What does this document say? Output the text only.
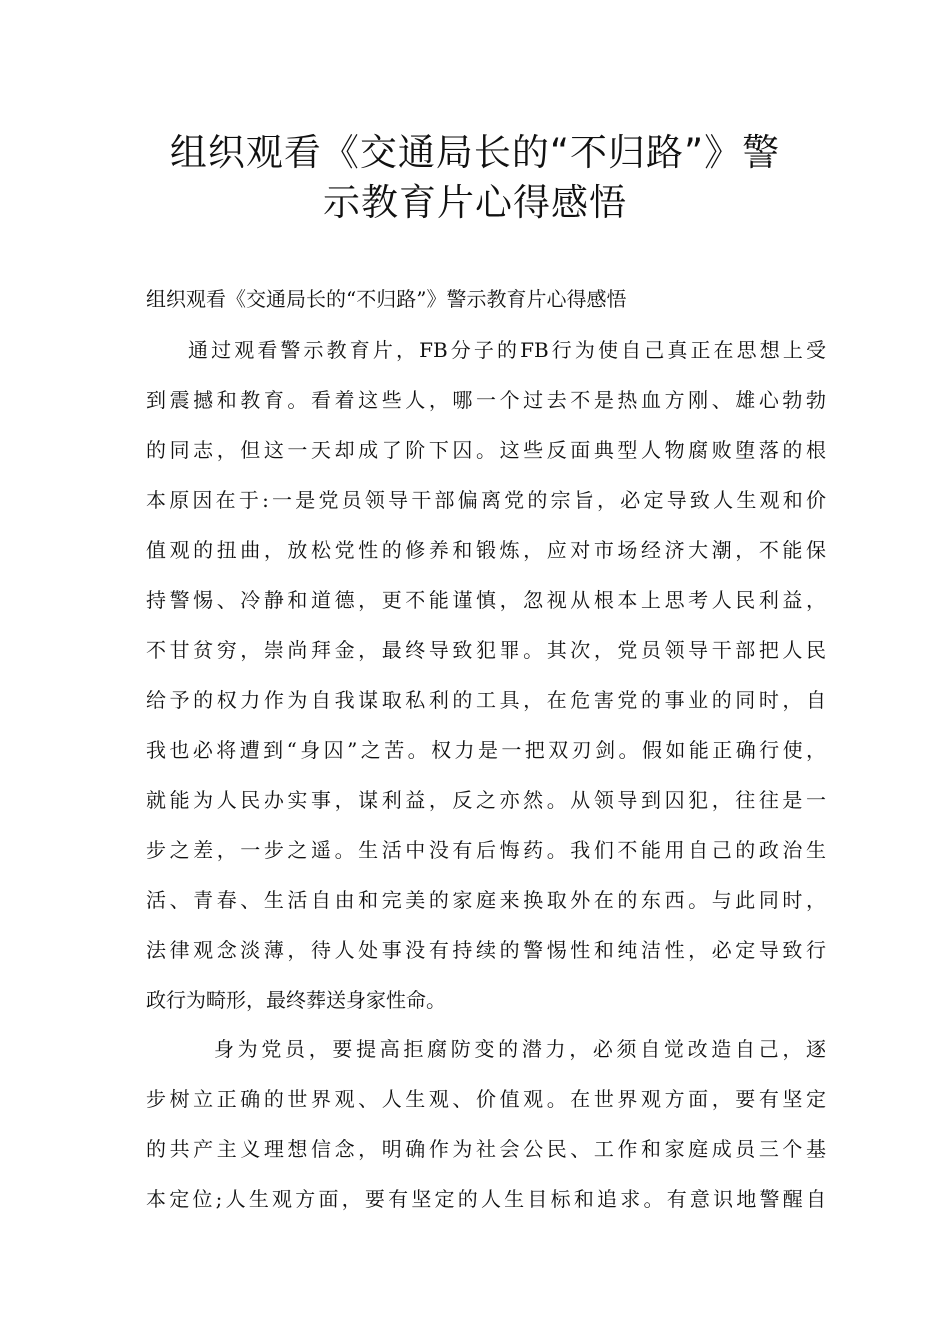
组织观看《交通局长的“不归路”》警
示教育片心得感悟

组织观看《交通局长的“不归路”》警示教育片心得感悟

通过观看警示教育片，FB分子的FB行为使自己真正在思想上受
到震撼和教育。看着这些人，哪一个过去不是热血方刚、雄心勃勃
的同志，但这一天却成了阶下囚。这些反面典型人物腐败堕落的根
本原因在于:一是党员领导干部偏离党的宗旨，必定导致人生观和价
值观的扭曲，放松党性的修养和锻炼，应对市场经济大潮，不能保
持警惕、冷静和道德，更不能谨慎，忽视从根本上思考人民利益，
不甘贫穷，崇尚拜金，最终导致犯罪。其次，党员领导干部把人民
给予的权力作为自我谋取私利的工具，在危害党的事业的同时，自
我也必将遭到“身囚”之苦。权力是一把双刃剑。假如能正确行使，
就能为人民办实事，谋利益，反之亦然。从领导到囚犯，往往是一
步之差，一步之遥。生活中没有后悔药。我们不能用自己的政治生
活、青春、生活自由和完美的家庭来换取外在的东西。与此同时，
法律观念淡薄，待人处事没有持续的警惕性和纯洁性，必定导致行
政行为畸形，最终葬送身家性命。
身为党员，要提高拒腐防变的潜力，必须自觉改造自己，逐
步树立正确的世界观、人生观、价值观。在世界观方面，要有坚定
的共产主义理想信念，明确作为社会公民、工作和家庭成员三个基
本定位;人生观方面，要有坚定的人生目标和追求。有意识地警醒自
